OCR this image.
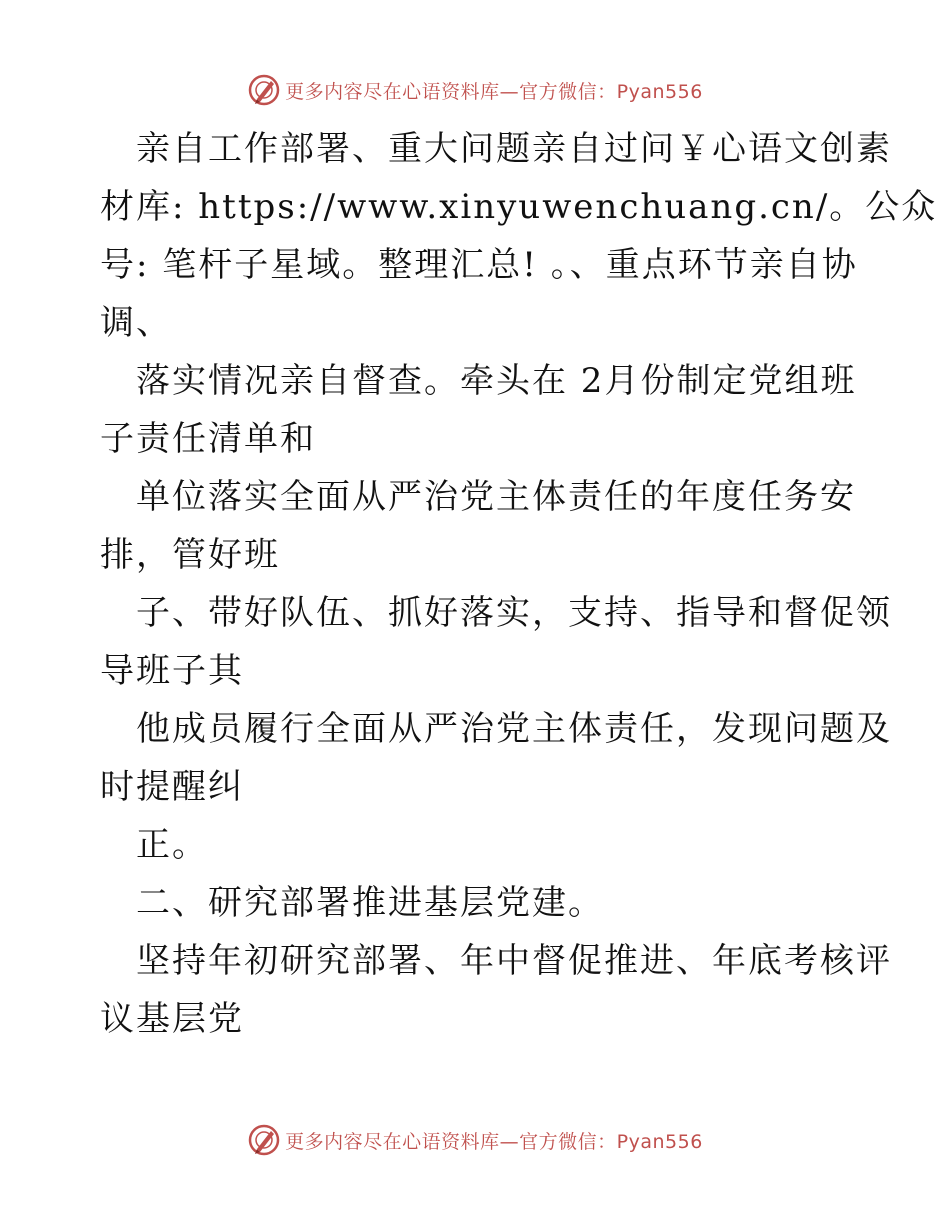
更多内容尽在心语资料库—官方微信：Pyan556
亲自工作部署、重大问题亲自过问￥心语文创素
材库: https://www.xinyuwenchuang.cn/。公众
号: 笔杆子星域。整理汇总! 。、重点环节亲自协
调、
落实情况亲自督查。牵头在 2月份制定党组班
子责任清单和
单位落实全面从严治党主体责任的年度任务安
排，管好班
子、带好队伍、抓好落实，支持、指导和督促领
导班子其
他成员履行全面从严治党主体责任，发现问题及
时提醒纠
正。
二、研究部署推进基层党建。
坚持年初研究部署、年中督促推进、年底考核评
议基层党
更多内容尽在心语资料库—官方微信：Pyan556
